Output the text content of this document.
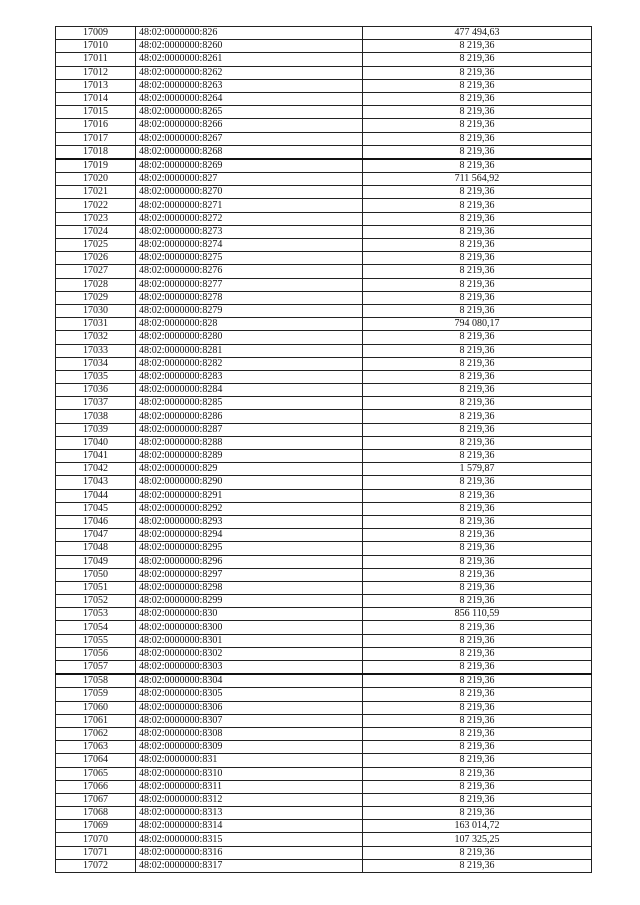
17009	48:02:0000000:826	477 494,63
17010	48:02:0000000:8260	8 219,36
17011	48:02:0000000:8261	8 219,36
17012	48:02:0000000:8262	8 219,36
17013	48:02:0000000:8263	8 219,36
17014	48:02:0000000:8264	8 219,36
17015	48:02:0000000:8265	8 219,36
17016	48:02:0000000:8266	8 219,36
17017	48:02:0000000:8267	8 219,36
17018	48:02:0000000:8268	8 219,36
17019	48:02:0000000:8269	8 219,36
17020	48:02:0000000:827	711 564,92
17021	48:02:0000000:8270	8 219,36
17022	48:02:0000000:8271	8 219,36
17023	48:02:0000000:8272	8 219,36
17024	48:02:0000000:8273	8 219,36
17025	48:02:0000000:8274	8 219,36
17026	48:02:0000000:8275	8 219,36
17027	48:02:0000000:8276	8 219,36
17028	48:02:0000000:8277	8 219,36
17029	48:02:0000000:8278	8 219,36
17030	48:02:0000000:8279	8 219,36
17031	48:02:0000000:828	794 080,17
17032	48:02:0000000:8280	8 219,36
17033	48:02:0000000:8281	8 219,36
17034	48:02:0000000:8282	8 219,36
17035	48:02:0000000:8283	8 219,36
17036	48:02:0000000:8284	8 219,36
17037	48:02:0000000:8285	8 219,36
17038	48:02:0000000:8286	8 219,36
17039	48:02:0000000:8287	8 219,36
17040	48:02:0000000:8288	8 219,36
17041	48:02:0000000:8289	8 219,36
17042	48:02:0000000:829	1 579,87
17043	48:02:0000000:8290	8 219,36
17044	48:02:0000000:8291	8 219,36
17045	48:02:0000000:8292	8 219,36
17046	48:02:0000000:8293	8 219,36
17047	48:02:0000000:8294	8 219,36
17048	48:02:0000000:8295	8 219,36
17049	48:02:0000000:8296	8 219,36
17050	48:02:0000000:8297	8 219,36
17051	48:02:0000000:8298	8 219,36
17052	48:02:0000000:8299	8 219,36
17053	48:02:0000000:830	856 110,59
17054	48:02:0000000:8300	8 219,36
17055	48:02:0000000:8301	8 219,36
17056	48:02:0000000:8302	8 219,36
17057	48:02:0000000:8303	8 219,36
17058	48:02:0000000:8304	8 219,36
17059	48:02:0000000:8305	8 219,36
17060	48:02:0000000:8306	8 219,36
17061	48:02:0000000:8307	8 219,36
17062	48:02:0000000:8308	8 219,36
17063	48:02:0000000:8309	8 219,36
17064	48:02:0000000:831	8 219,36
17065	48:02:0000000:8310	8 219,36
17066	48:02:0000000:8311	8 219,36
17067	48:02:0000000:8312	8 219,36
17068	48:02:0000000:8313	8 219,36
17069	48:02:0000000:8314	163 014,72
17070	48:02:0000000:8315	107 325,25
17071	48:02:0000000:8316	8 219,36
17072	48:02:0000000:8317	8 219,36
